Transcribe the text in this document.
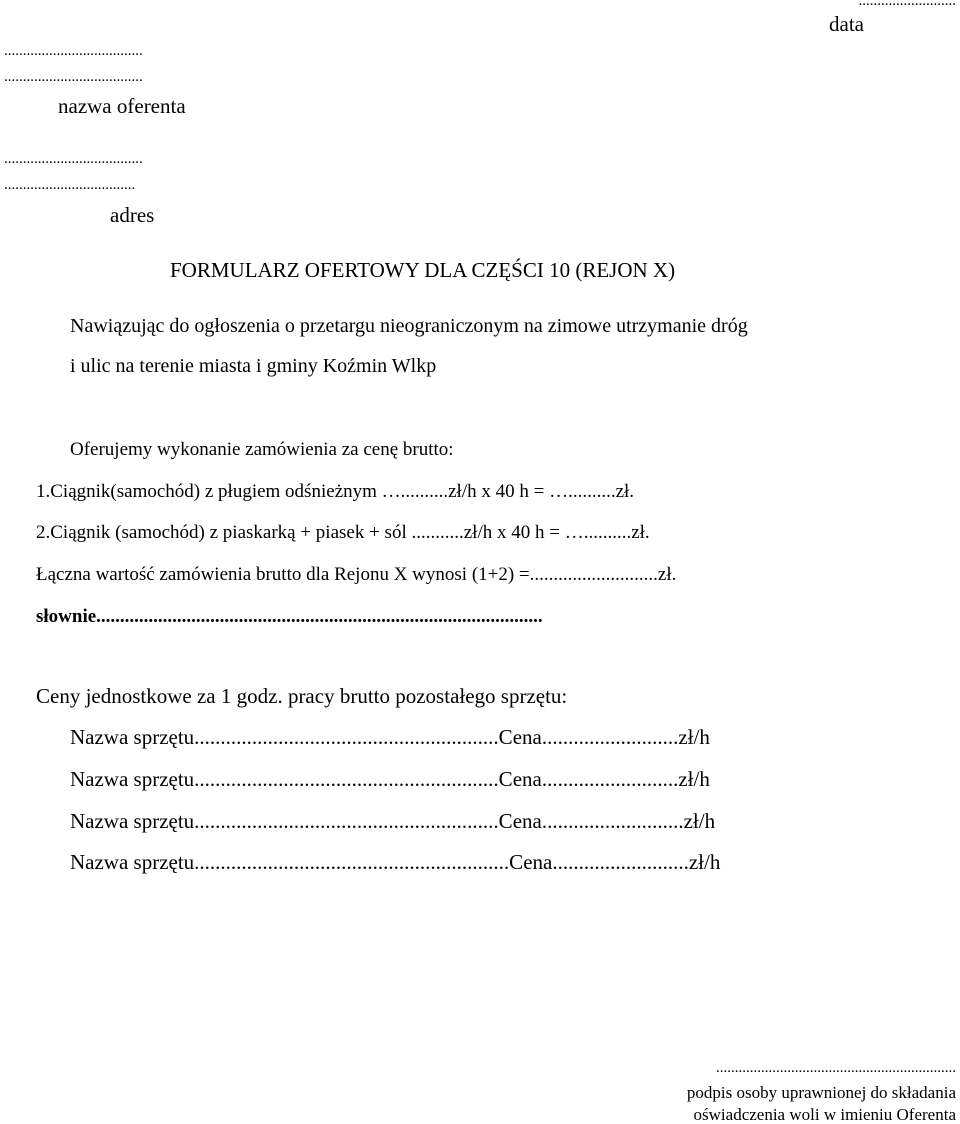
..........................
data
.....................................
.....................................
nazwa oferenta
.....................................
...................................
adres
FORMULARZ OFERTOWY DLA CZĘŚCI 10 (REJON X)
Nawiązując do ogłoszenia o przetargu nieograniczonym na zimowe utrzymanie dróg
i ulic na terenie miasta i gminy Koźmin Wlkp
Oferujemy wykonanie zamówienia za cenę brutto:
1.Ciągnik(samochód) z pługiem odśnieżnym …..........zł/h x 40 h = …..........zł.
2.Ciągnik (samochód) z piaskarką + piasek + sól ...........zł/h x 40 h = …..........zł.
Łączna wartość zamówienia brutto dla Rejonu X wynosi (1+2) =...........................zł.
słownie..............................................................................................
Ceny jednostkowe za 1 godz. pracy brutto pozostałego sprzętu:
Nazwa sprzętu..........................................................Cena..........................zł/h
Nazwa sprzętu..........................................................Cena..........................zł/h
Nazwa sprzętu..........................................................Cena...........................zł/h
Nazwa sprzętu............................................................Cena..........................zł/h
................................................................
podpis osoby uprawnionej do składania
oświadczenia woli w imieniu Oferenta
